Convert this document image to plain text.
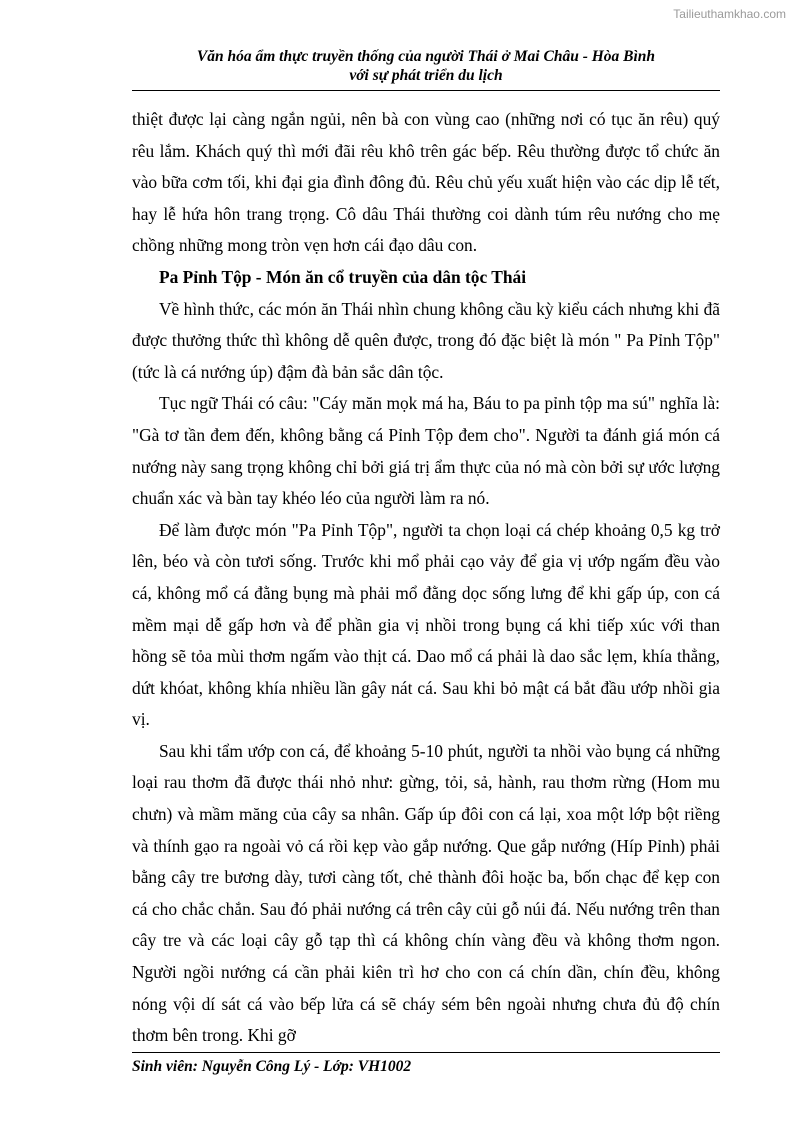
Tailieuthamkhao.com
Văn hóa ẩm thực truyền thống của người Thái ở Mai Châu - Hòa Bình
với sự phát triển du lịch

thiệt được lại càng ngắn ngủi, nên bà con vùng cao (những nơi có tục ăn rêu) quý rêu lắm. Khách quý thì mới đãi rêu khô trên gác bếp. Rêu thường được tổ chức ăn vào bữa cơm tối, khi đại gia đình đông đủ. Rêu chủ yếu xuất hiện vào các dịp lễ tết, hay lễ hứa hôn trang trọng. Cô dâu Thái thường coi dành túm rêu nướng cho mẹ chồng những mong tròn vẹn hơn cái đạo dâu con.

Pa Pỉnh Tộp - Món ăn cổ truyền của dân tộc Thái

Về hình thức, các món ăn Thái nhìn chung không cầu kỳ kiểu cách nhưng khi đã được thưởng thức thì không dễ quên được, trong đó đặc biệt là món " Pa Pỉnh Tộp" (tức là cá nướng úp) đậm đà bản sắc dân tộc.

Tục ngữ Thái có câu: "Cáy măn mọk má ha, Báu to pa pỉnh tộp ma sú" nghĩa là: "Gà tơ tần đem đến, không bằng cá Pỉnh Tộp đem cho". Người ta đánh giá món cá nướng này sang trọng không chỉ bởi giá trị ẩm thực của nó mà còn bởi sự ước lượng chuẩn xác và bàn tay khéo léo của người làm ra nó.

Để làm được món "Pa Pỉnh Tộp", người ta chọn loại cá chép khoảng 0,5 kg trở lên, béo và còn tươi sống. Trước khi mổ phải cạo vảy để gia vị ướp ngấm đều vào cá, không mổ cá đằng bụng mà phải mổ đằng dọc sống lưng để khi gấp úp, con cá mềm mại dễ gấp hơn và để phần gia vị nhồi trong bụng cá khi tiếp xúc với than hồng sẽ tỏa mùi thơm ngấm vào thịt cá. Dao mổ cá phải là dao sắc lẹm, khía thẳng, dứt khóat, không khía nhiều lần gây nát cá. Sau khi bỏ mật cá bắt đầu ướp nhồi gia vị.

Sau khi tẩm ướp con cá, để khoảng 5-10 phút, người ta nhồi vào bụng cá những loại rau thơm đã được thái nhỏ như: gừng, tỏi, sả, hành, rau thơm rừng (Hom mu chưn) và mầm măng của cây sa nhân. Gấp úp đôi con cá lại, xoa một lớp bột riềng và thính gạo ra ngoài vỏ cá rồi kẹp vào gắp nướng. Que gắp nướng (Híp Pỉnh) phải bằng cây tre bương dày, tươi càng tốt, chẻ thành đôi hoặc ba, bốn chạc để kẹp con cá cho chắc chắn. Sau đó phải nướng cá trên cây củi gỗ núi đá. Nếu nướng trên than cây tre và các loại cây gỗ tạp thì cá không chín vàng đều và không thơm ngon. Người ngồi nướng cá cần phải kiên trì hơ cho con cá chín dần, chín đều, không nóng vội dí sát cá vào bếp lửa cá sẽ cháy sém bên ngoài nhưng chưa đủ độ chín thơm bên trong. Khi gỡ

Sinh viên: Nguyễn Công Lý - Lớp: VH1002
